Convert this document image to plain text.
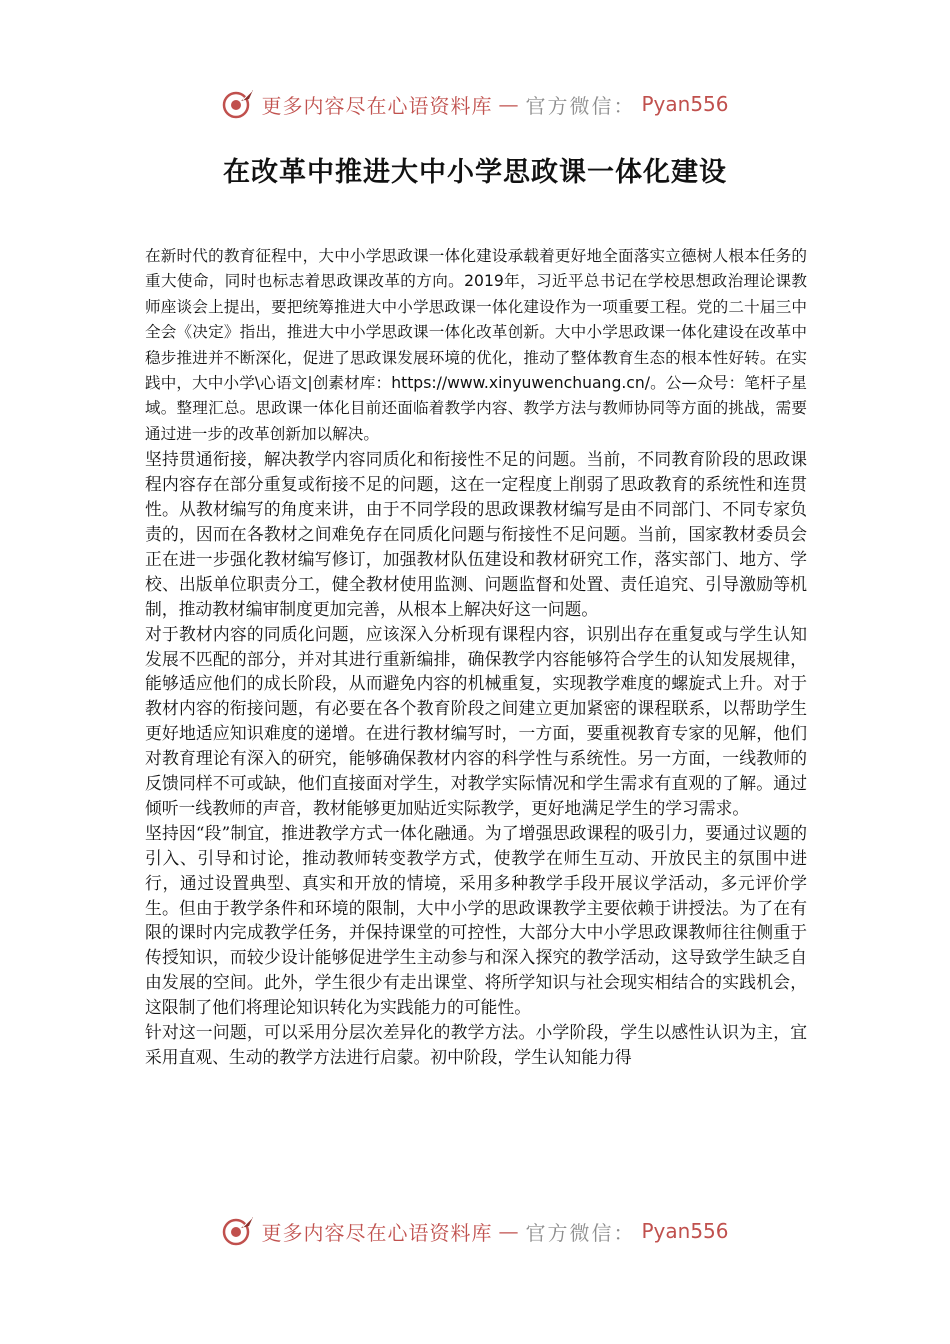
更多内容尽在心语资料库 — 官方微信： Pyan556
在改革中推进大中小学思政课一体化建设

在新时代的教育征程中，大中小学思政课一体化建设承载着更好地全面落实立德树人根本任务的重大使命，同时也标志着思政课改革的方向。2019年，习近平总书记在学校思想政治理论课教师座谈会上提出，要把统筹推进大中小学思政课一体化建设作为一项重要工程。党的二十届三中全会《决定》指出，推进大中小学思政课一体化改革创新。大中小学思政课一体化建设在改革中稳步推进并不断深化，促进了思政课发展环境的优化，推动了整体教育生态的根本性好转。在实践中，大中小学\心语文|创素材库：https://www.xinyuwenchuang.cn/。公—众号：笔杆子星域。整理汇总。思政课一体化目前还面临着教学内容、教学方法与教师协同等方面的挑战，需要通过进一步的改革创新加以解决。

坚持贯通衔接，解决教学内容同质化和衔接性不足的问题。当前，不同教育阶段的思政课程内容存在部分重复或衔接不足的问题，这在一定程度上削弱了思政教育的系统性和连贯性。从教材编写的角度来讲，由于不同学段的思政课教材编写是由不同部门、不同专家负责的，因而在各教材之间难免存在同质化问题与衔接性不足问题。当前，国家教材委员会正在进一步强化教材编写修订，加强教材队伍建设和教材研究工作，落实部门、地方、学校、出版单位职责分工，健全教材使用监测、问题监督和处置、责任追究、引导激励等机制，推动教材编审制度更加完善，从根本上解决好这一问题。

对于教材内容的同质化问题，应该深入分析现有课程内容，识别出存在重复或与学生认知发展不匹配的部分，并对其进行重新编排，确保教学内容能够符合学生的认知发展规律，能够适应他们的成长阶段，从而避免内容的机械重复，实现教学难度的螺旋式上升。对于教材内容的衔接问题，有必要在各个教育阶段之间建立更加紧密的课程联系，以帮助学生更好地适应知识难度的递增。在进行教材编写时，一方面，要重视教育专家的见解，他们对教育理论有深入的研究，能够确保教材内容的科学性与系统性。另一方面，一线教师的反馈同样不可或缺，他们直接面对学生，对教学实际情况和学生需求有直观的了解。通过倾听一线教师的声音，教材能够更加贴近实际教学，更好地满足学生的学习需求。

坚持因“段”制宜，推进教学方式一体化融通。为了增强思政课程的吸引力，要通过议题的引入、引导和讨论，推动教师转变教学方式，使教学在师生互动、开放民主的氛围中进行，通过设置典型、真实和开放的情境，采用多种教学手段开展议学活动，多元评价学生。但由于教学条件和环境的限制，大中小学的思政课教学主要依赖于讲授法。为了在有限的课时内完成教学任务，并保持课堂的可控性，大部分大中小学思政课教师往往侧重于传授知识，而较少设计能够促进学生主动参与和深入探究的教学活动，这导致学生缺乏自由发展的空间。此外，学生很少有走出课堂、将所学知识与社会现实相结合的实践机会，这限制了他们将理论知识转化为实践能力的可能性。

针对这一问题，可以采用分层次差异化的教学方法。小学阶段，学生以感性认识为主，宜采用直观、生动的教学方法进行启蒙。初中阶段，学生认知能力得

更多内容尽在心语资料库 — 官方微信： Pyan556
